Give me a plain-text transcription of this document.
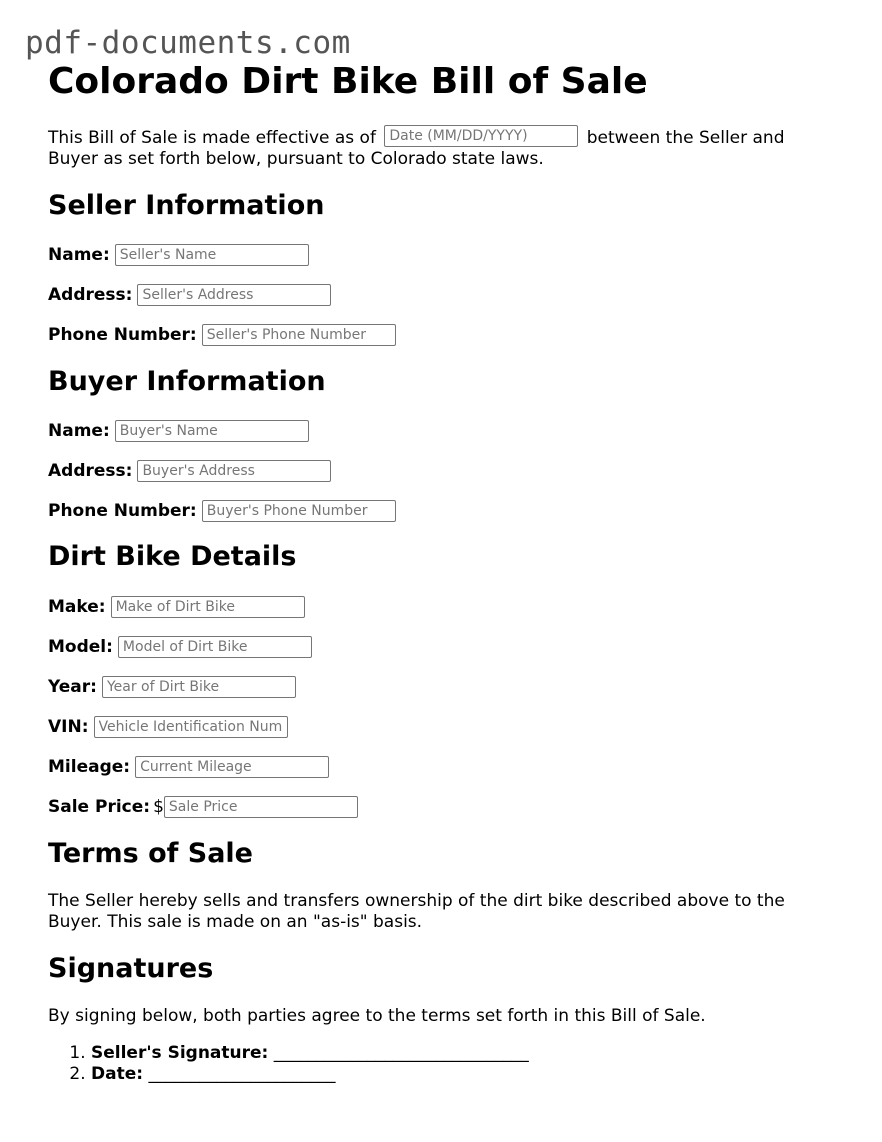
pdf-documents.com
Colorado Dirt Bike Bill of Sale

This Bill of Sale is made effective as of Date (MM/DD/YYYY)	between the Seller and Buyer as set forth below, pursuant to Colorado state laws.

Seller Information
Name:
Seller's Name
Address:
Seller's Address
Phone Number:
Seller's Phone Number
Buyer Information
Name:
Buyer's Name
Address:
Buyer's Address
Phone Number:
Buyer's Phone Number
Dirt Bike Details
Make:
Make of Dirt Bike
Model:
Model of Dirt Bike
Year:
Year of Dirt Bike
VIN:
Vehicle Identification Number
Mileage:
Current Mileage
Sale Price: $
Sale Price
Terms of Sale

The Seller hereby sells and transfers ownership of the dirt bike described above to the Buyer. This sale is made on an "as-is" basis.

Signatures

By signing below, both parties agree to the terms set forth in this Bill of Sale.

1. Seller's Signature: ______________________________
2. Date: ______________________
